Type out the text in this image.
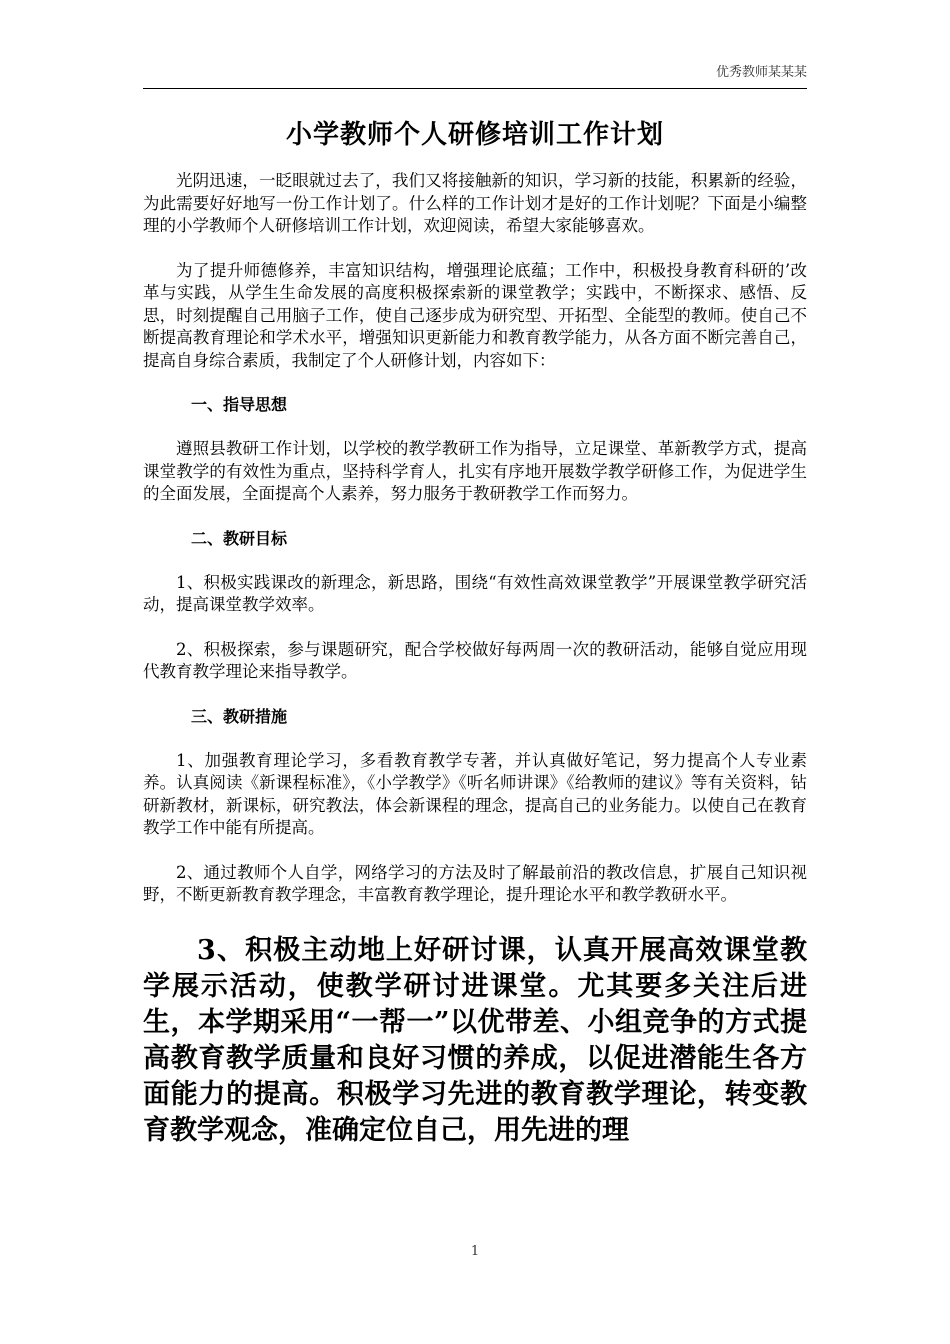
优秀教师某某某
小学教师个人研修培训工作计划

光阴迅速，一眨眼就过去了，我们又将接触新的知识，学习新的技能，积累新的经验，为此需要好好地写一份工作计划了。什么样的工作计划才是好的工作计划呢？下面是小编整理的小学教师个人研修培训工作计划，欢迎阅读，希望大家能够喜欢。

为了提升师德修养，丰富知识结构，增强理论底蕴；工作中，积极投身教育科研的’改革与实践，从学生生命发展的高度积极探索新的课堂教学；实践中，不断探求、感悟、反思，时刻提醒自己用脑子工作，使自己逐步成为研究型、开拓型、全能型的教师。使自己不断提高教育理论和学术水平，增强知识更新能力和教育教学能力，从各方面不断完善自己，提高自身综合素质，我制定了个人研修计划，内容如下：

一、指导思想

遵照县教研工作计划，以学校的教学教研工作为指导，立足课堂、革新教学方式，提高课堂教学的有效性为重点，坚持科学育人，扎实有序地开展数学教学研修工作，为促进学生的全面发展，全面提高个人素养，努力服务于教研教学工作而努力。

二、教研目标

1、积极实践课改的新理念，新思路，围绕“有效性高效课堂教学”开展课堂教学研究活动，提高课堂教学效率。

2、积极探索，参与课题研究，配合学校做好每两周一次的教研活动，能够自觉应用现代教育教学理论来指导教学。

三、教研措施

1、加强教育理论学习，多看教育教学专著，并认真做好笔记，努力提高个人专业素养。认真阅读《新课程标准》，《小学教学》《听名师讲课》《给教师的建议》等有关资料，钻研新教材，新课标，研究教法，体会新课程的理念，提高自己的业务能力。以使自己在教育教学工作中能有所提高。

2、通过教师个人自学，网络学习的方法及时了解最前沿的教改信息，扩展自己知识视野，不断更新教育教学理念，丰富教育教学理论，提升理论水平和教学教研水平。

3、积极主动地上好研讨课，认真开展高效课堂教学展示活动，使教学研讨进课堂。尤其要多关注后进生，本学期采用“一帮一”以优带差、小组竞争的方式提高教育教学质量和良好习惯的养成，以促进潜能生各方面能力的提高。积极学习先进的教育教学理论，转变教育教学观念，准确定位自己，用先进的理

1
